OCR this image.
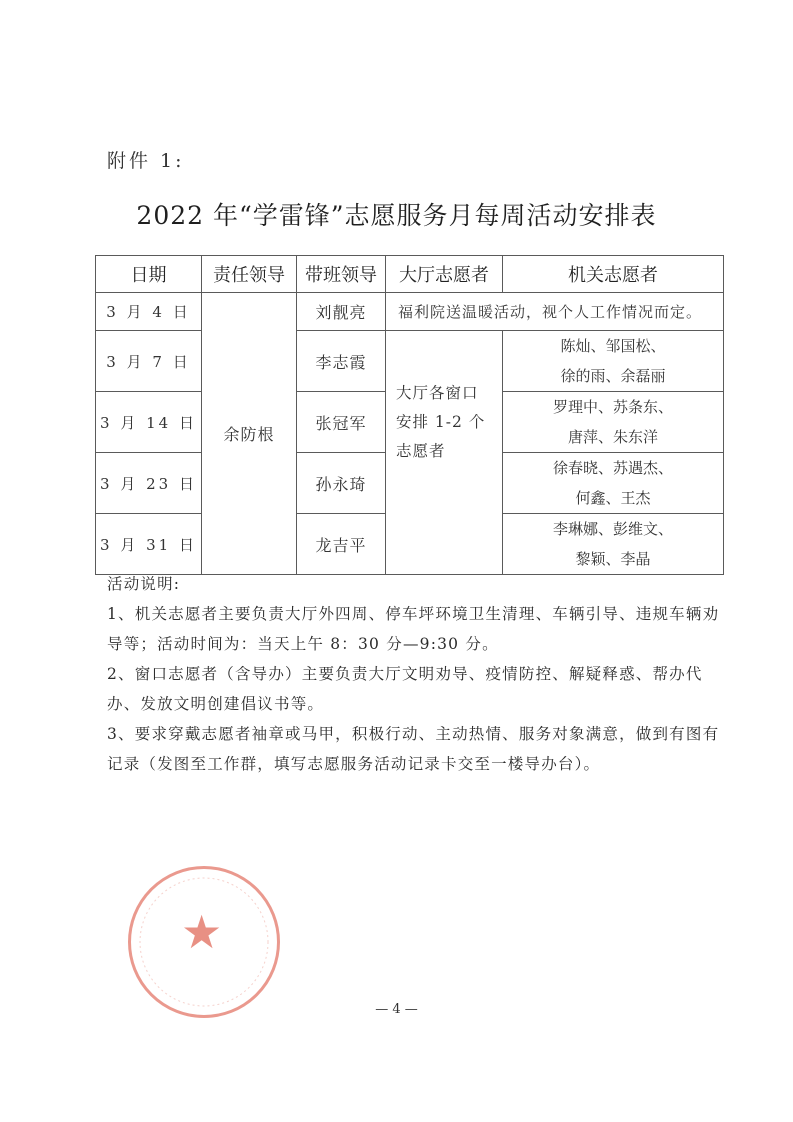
附件 1:
2022 年“学雷锋”志愿服务月每周活动安排表
日期	责任领导	带班领导	大厅志愿者	机关志愿者
3 月 4 日	余防根	刘靓亮	福利院送温暖活动，视个人工作情况而定。	
3 月 7 日		李志霞	大厅各窗口安排 1-2 个志愿者	陈灿、邹国松、
徐的雨、余磊丽

3 月 14 日		张冠军		罗理中、苏条东、
唐萍、朱东洋

3 月 23 日		孙永琦		徐春晓、苏遇杰、
何鑫、王杰

3 月 31 日		龙吉平		李琳娜、彭维文、
黎颖、李晶

活动说明:

1、机关志愿者主要负责大厅外四周、停车坪环境卫生清理、车辆引导、违规车辆劝导等；活动时间为：当天上午 8：30 分—9:30 分。

2、窗口志愿者（含导办）主要负责大厅文明劝导、疫情防控、解疑释惑、帮办代办、发放文明创建倡议书等。

3、要求穿戴志愿者袖章或马甲，积极行动、主动热情、服务对象满意，做到有图有记录（发图至工作群，填写志愿服务活动记录卡交至一楼导办台）。

★
— 4 —
